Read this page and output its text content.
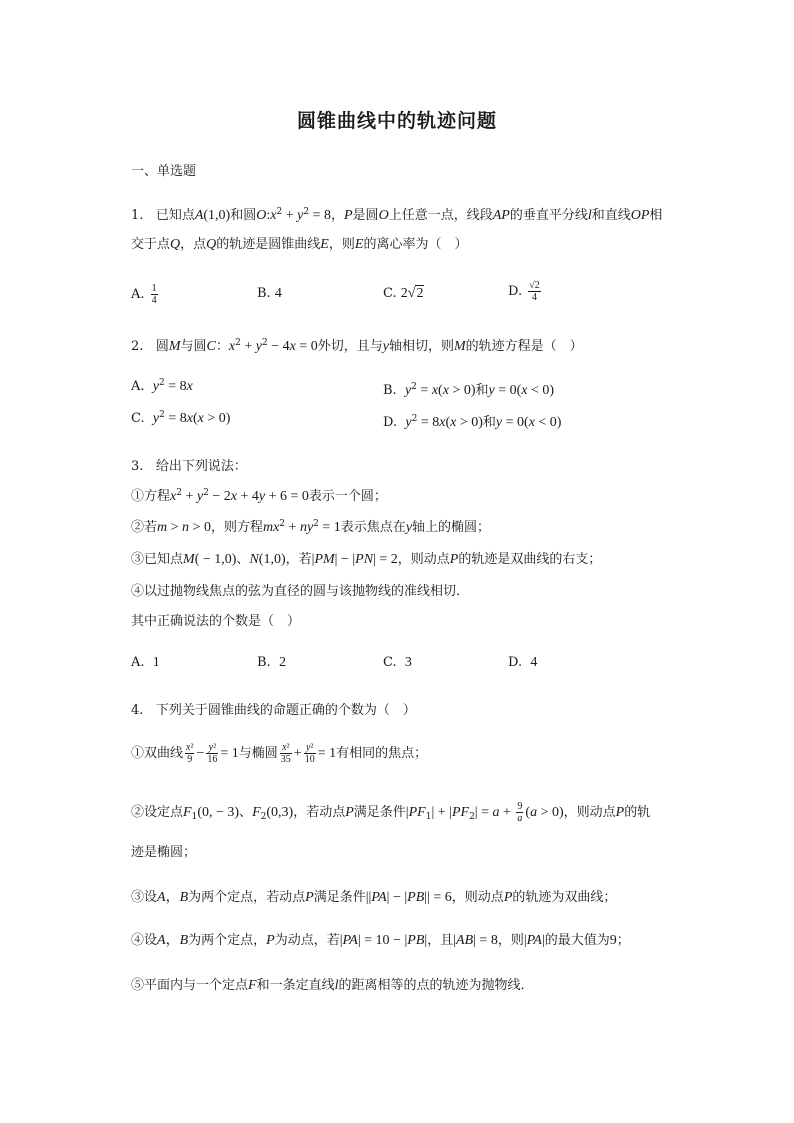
圆锥曲线中的轨迹问题
一、单选题
1. 已知点A(1,0)和圆$O:x^2 + y^2 = 8$，P是圆O上任意一点，线段AP的垂直平分线l和直线OP相
交于点Q，点Q的轨迹是圆锥曲线E，则E的离心率为（　）
A. $\frac{1}{4}$	B. 4	C. 2√2	D. $\frac{√2}{4}$
2. 圆M与圆C：$x^2 + y^2 - 4x = 0$外切，且与y轴相切，则M的轨迹方程是（　）
A. $y^2 = 8x$	B. $y^2 = x(x > 0)$和y = 0(x < 0)
C. $y^2 = 8x(x > 0)$	D. $y^2 = 8x(x > 0)$和y = 0(x < 0)
3. 给出下列说法：
①方程$x^2 + y^2 - 2x + 4y + 6 = 0$表示一个圆；
②若m > n > 0，则方程$mx^2 + ny^2 = 1$表示焦点在y轴上的椭圆；
③已知点M( − 1,0)、N(1,0)，若|PM| − |PN| = 2，则动点P的轨迹是双曲线的右支；
④以过抛物线焦点的弦为直径的圆与该抛物线的准线相切．
其中正确说法的个数是（　）
A. 1	B. 2	C. 3	D. 4
4. 下列关于圆锥曲线的命题正确的个数为（　）
①双曲线 $\frac{\text{x²}}{9} - \frac{\text{y²}}{16} = 1$与椭圆 $\frac{\text{x²}}{35} + \frac{\text{y²}}{10} = 1$有相同的焦点；
②设定点$F_1(0$, − 3)、$F_2(0,3)$，若动点P满足条件$|PF_1| + |PF_2| = a + \frac{9}{a} (a > 0)$，则动点P的轨
迹是椭圆；
③设A，B为两个定点，若动点P满足条件||PA| − |PB|| = 6，则动点P的轨迹为双曲线；
④设A，B为两个定点，P为动点，若|PA| = 10 − |PB|，且|AB| = 8，则|PA|的最大值为9；
⑤平面内与一个定点F和一条定直线l的距离相等的点的轨迹为抛物线．
